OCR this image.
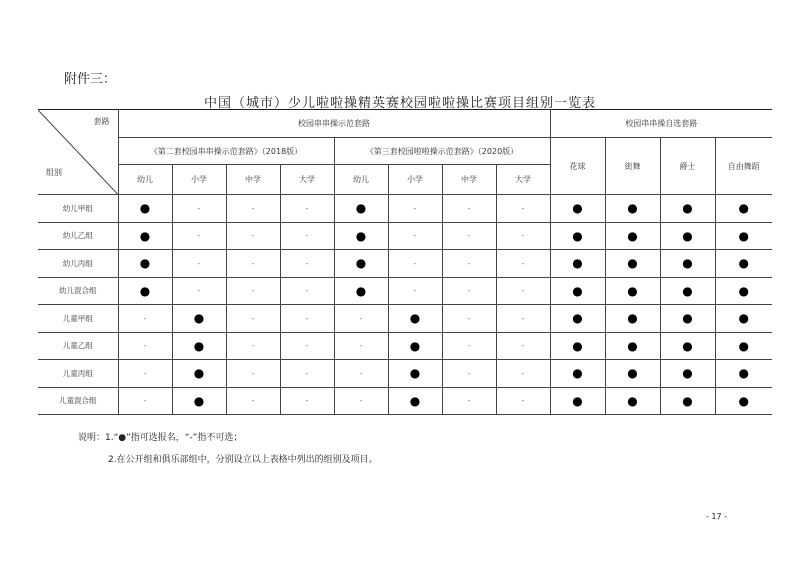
附件三：
中国（城市）少儿啦啦操精英赛校园啦啦操比赛项目组别一览表
套路
组别	校园串串操示范套路								校园串串操自选套路			
	《第二套校园串串操示范套路》（2018版）				《第三套校园啦啦操示范套路》（2020版）				花球	街舞	爵士	自由舞蹈
	幼儿	小学	中学	大学	幼儿	小学	中学	大学				
幼儿甲组	●	-	-	-	●	-	-	-	●	●	●	●
幼儿乙组	●	-	-	-	●	-	-	-	●	●	●	●
幼儿丙组	●	-	-	-	●	-	-	-	●	●	●	●
幼儿混合组	●	-	-	-	●	-	-	-	●	●	●	●
儿童甲组	-	●	-	-	-	●	-	-	●	●	●	●
儿童乙组	-	●	-	-	-	●	-	-	●	●	●	●
儿童丙组	-	●	-	-	-	●	-	-	●	●	●	●
儿童混合组	-	●	-	-	-	●	-	-	●	●	●	●
说明：1.“●”指可选报名，“-”指不可选；
2.在公开组和俱乐部组中，分别设立以上表格中列出的组别及项目。
- 17 -
